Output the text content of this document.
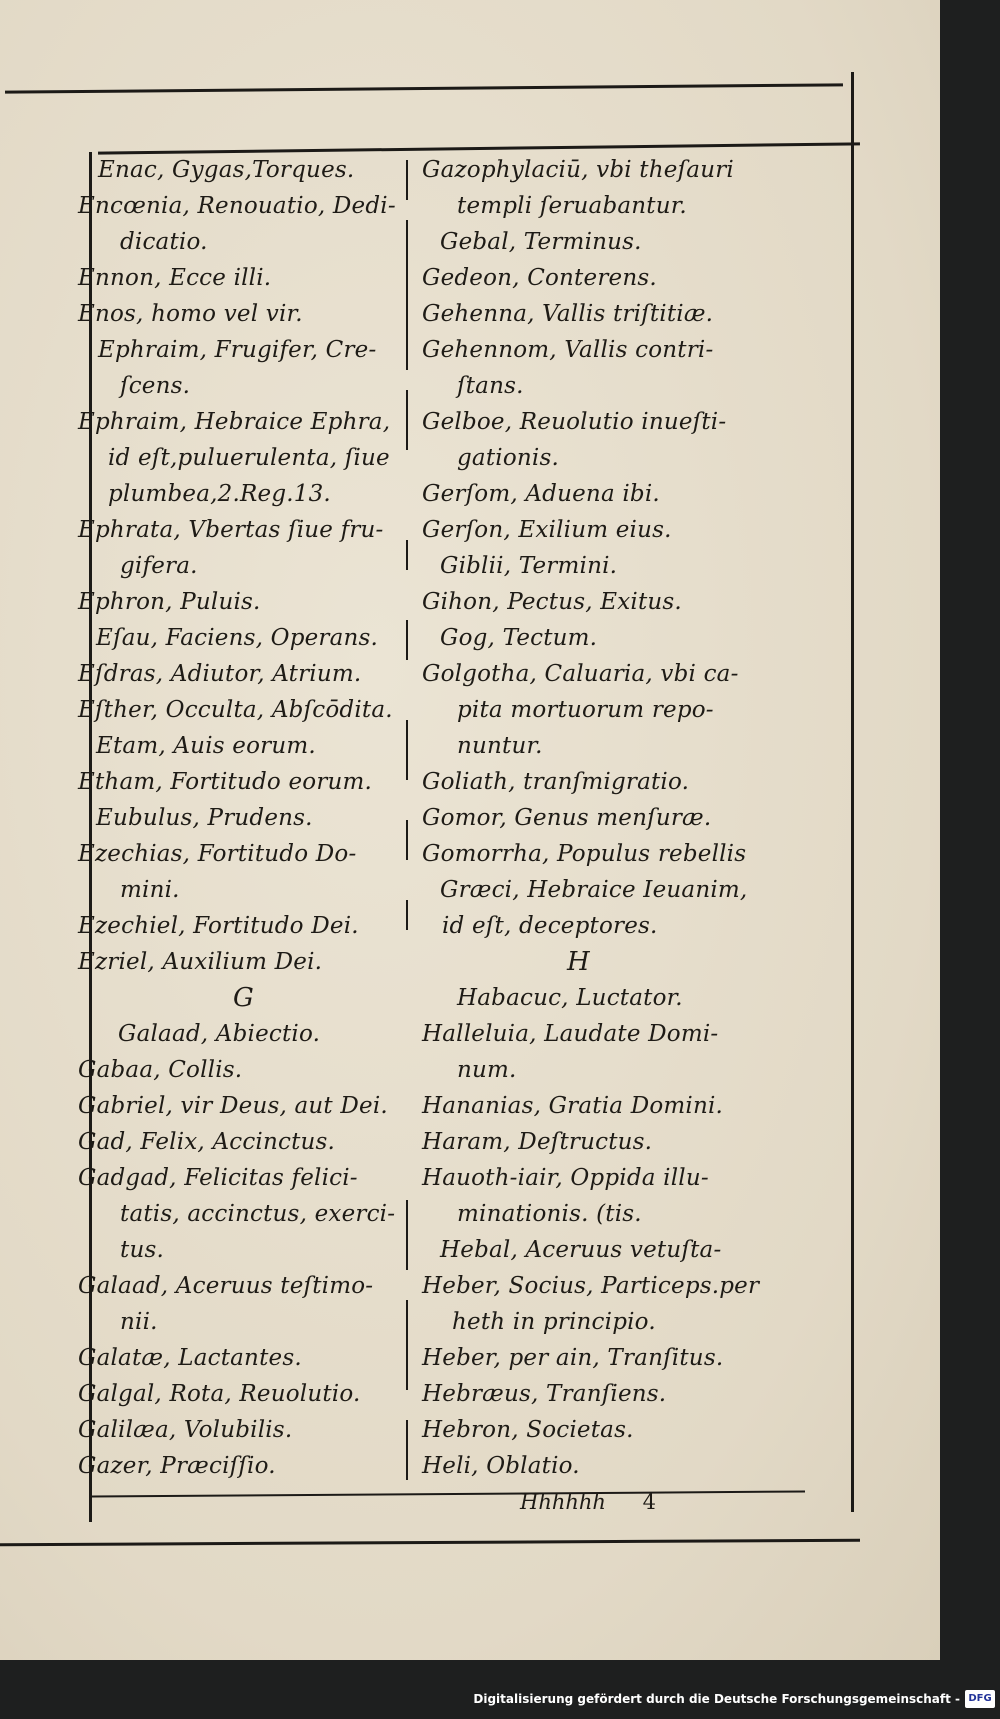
Enac, Gygas,Torques.
Encœnia, Renouatio, Dedi-
dicatio.
Ennon, Ecce illi.
Enos, homo vel vir.
Ephraim, Frugifer, Cre-
ſcens.
Ephraim, Hebraice Ephra,
id eſt,puluerulenta, ſiue
plumbea,2.Reg.13.
Ephrata, Vbertas ſiue fru-
gifera.
Ephron, Puluis.
Eſau, Faciens, Operans.
Eſdras, Adiutor, Atrium.
Eſther, Occulta, Abſcōdita.
Etam, Auis eorum.
Etham, Fortitudo eorum.
Eubulus, Prudens.
Ezechias, Fortitudo Do-
mini.
Ezechiel, Fortitudo Dei.
Ezriel, Auxilium Dei.
G
Galaad, Abiectio.
Gabaa, Collis.
Gabriel, vir Deus, aut Dei.
Gad, Felix, Accinctus.
Gadgad, Felicitas felici-
tatis, accinctus, exerci-
tus.
Galaad, Aceruus teſtimo-
nii.
Galatæ, Lactantes.
Galgal, Rota, Reuolutio.
Galilæa, Volubilis.
Gazer, Præciſſio.
Gazophylaciū, vbi theſauri
templi ſeruabantur.
Gebal, Terminus.
Gedeon, Conterens.
Gehenna, Vallis triſtitiæ.
Gehennom, Vallis contri-
ſtans.
Gelboe, Reuolutio inueſti-
gationis.
Gerſom, Aduena ibi.
Gerſon, Exilium eius.
Giblii, Termini.
Gihon, Pectus, Exitus.
Gog, Tectum.
Golgotha, Caluaria, vbi ca-
pita mortuorum repo-
nuntur.
Goliath, tranſmigratio.
Gomor, Genus menſuræ.
Gomorrha, Populus rebellis
Græci, Hebraice Ieuanim,
id eſt, deceptores.
H
Habacuc, Luctator.
Halleluia, Laudate Domi-
num.
Hananias, Gratia Domini.
Haram, Deſtructus.
Hauoth-iair, Oppida illu-
minationis. (tis.
Hebal, Aceruus vetuſta-
Heber, Socius, Particeps.per
heth in principio.
Heber, per ain, Tranſitus.
Hebræus, Tranſiens.
Hebron, Societas.
Heli, Oblatio.
Hhhhhh 4
Digitalisierung gefördert durch die Deutsche Forschungsgemeinschaft - DFG
